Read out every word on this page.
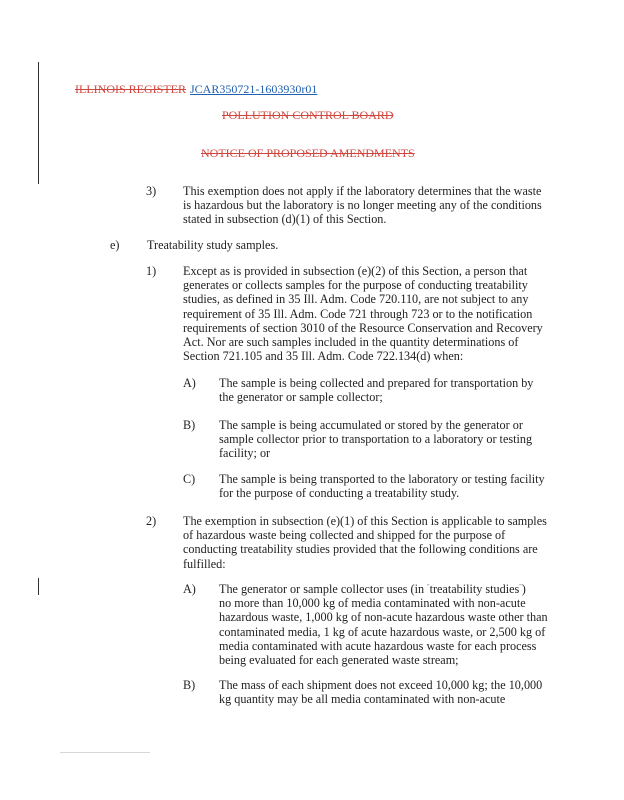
ILLINOIS REGISTER JCAR350721-1603930r01
POLLUTION CONTROL BOARD
NOTICE OF PROPOSED AMENDMENTS
3) This exemption does not apply if the laboratory determines that the waste
is hazardous but the laboratory is no longer meeting any of the conditions
stated in subsection (d)(1) of this Section.
e) Treatability study samples.
1) Except as is provided in subsection (e)(2) of this Section, a person that
generates or collects samples for the purpose of conducting treatability
studies, as defined in 35 Ill. Adm. Code 720.110, are not subject to any
requirement of 35 Ill. Adm. Code 721 through 723 or to the notification
requirements of section 3010 of the Resource Conservation and Recovery
Act. Nor are such samples included in the quantity determinations of
Section 721.105 and 35 Ill. Adm. Code 722.134(d) when:
A) The sample is being collected and prepared for transportation by
the generator or sample collector;
B) The sample is being accumulated or stored by the generator or
sample collector prior to transportation to a laboratory or testing
facility; or
C) The sample is being transported to the laboratory or testing facility
for the purpose of conducting a treatability study.
2) The exemption in subsection (e)(1) of this Section is applicable to samples
of hazardous waste being collected and shipped for the purpose of
conducting treatability studies provided that the following conditions are
fulfilled:
A) The generator or sample collector uses (in "treatability studies")
no more than 10,000 kg of media contaminated with non-acute
hazardous waste, 1,000 kg of non-acute hazardous waste other than
contaminated media, 1 kg of acute hazardous waste, or 2,500 kg of
media contaminated with acute hazardous waste for each process
being evaluated for each generated waste stream;
B) The mass of each shipment does not exceed 10,000 kg; the 10,000
kg quantity may be all media contaminated with non-acute
